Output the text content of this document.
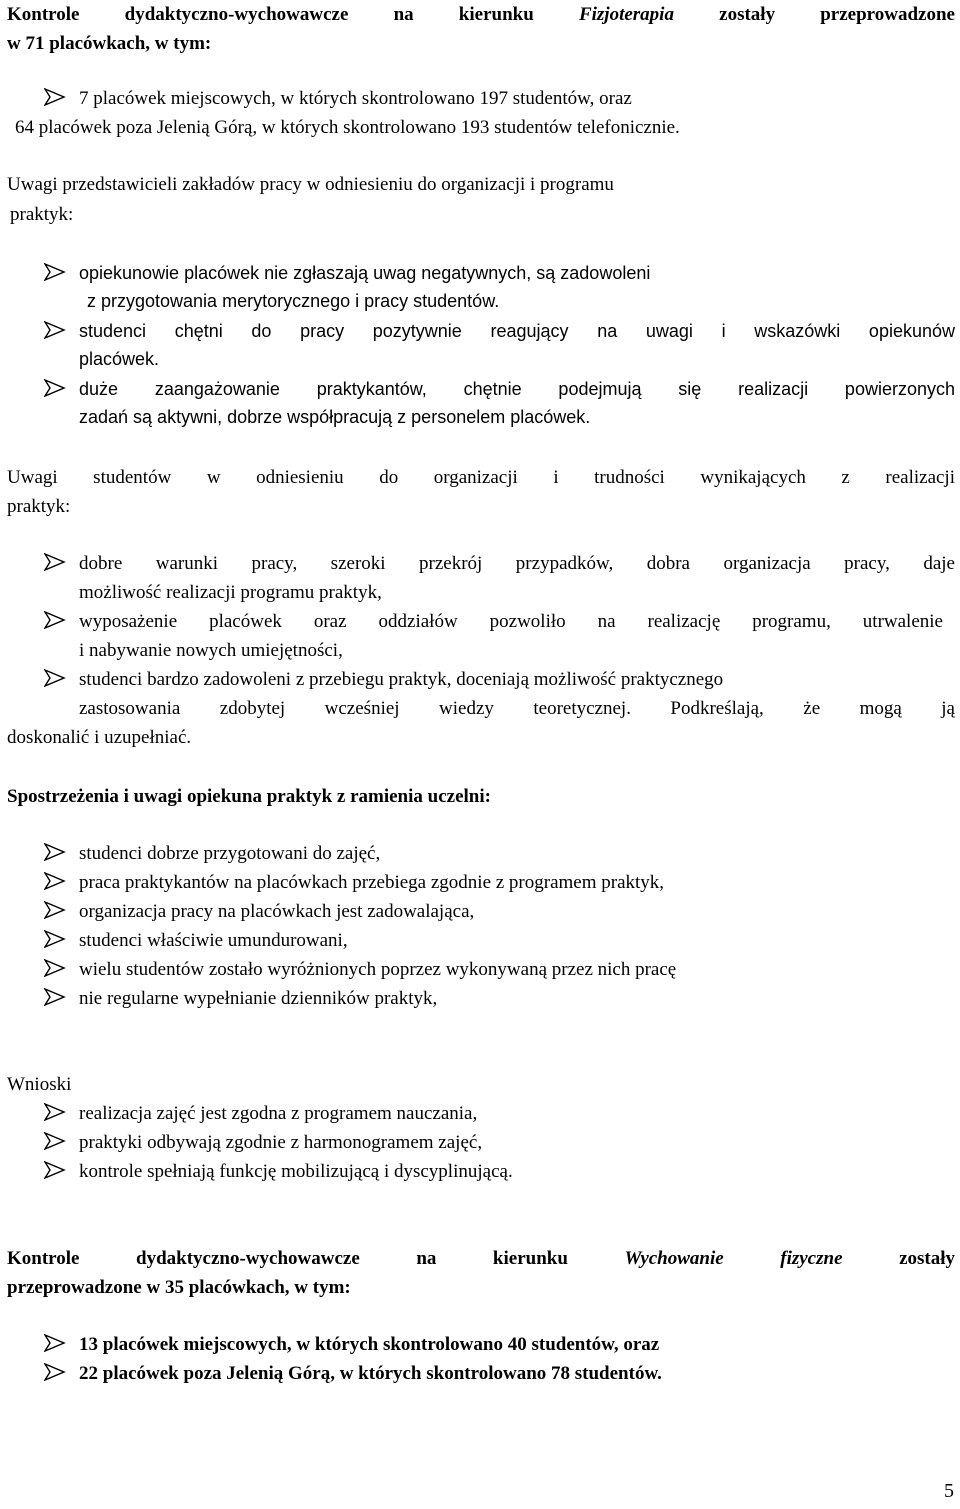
Kontrole dydaktyczno-wychowawcze na kierunku Fizjoterapia zostały przeprowadzone
w 71 placówkach, w tym:
7 placówek miejscowych, w których skontrolowano 197 studentów, oraz
64 placówek poza Jelenią Górą, w których skontrolowano 193 studentów telefonicznie.
Uwagi przedstawicieli zakładów pracy w odniesieniu do organizacji i programu
praktyk:
opiekunowie placówek nie zgłaszają uwag negatywnych, są zadowoleni
z przygotowania merytorycznego i pracy studentów.
studenci chętni do pracy pozytywnie reagujący na uwagi i wskazówki opiekunów
placówek.
duże zaangażowanie praktykantów, chętnie podejmują się realizacji powierzonych
zadań są aktywni, dobrze współpracują z personelem placówek.
Uwagi studentów w odniesieniu do organizacji i trudności wynikających z realizacji
praktyk:
dobre warunki pracy, szeroki przekrój przypadków, dobra organizacja pracy, daje
możliwość realizacji programu praktyk,
wyposażenie placówek oraz oddziałów pozwoliło na realizację programu, utrwalenie
i nabywanie nowych umiejętności,
studenci bardzo zadowoleni z przebiegu praktyk, doceniają możliwość praktycznego
zastosowania zdobytej wcześniej wiedzy teoretycznej. Podkreślają, że mogą ją
doskonalić i uzupełniać.
Spostrzeżenia i uwagi opiekuna praktyk z ramienia uczelni:
studenci dobrze przygotowani do zajęć,
praca praktykantów na placówkach przebiega zgodnie z programem praktyk,
organizacja pracy na placówkach jest zadowalająca,
studenci właściwie umundurowani,
wielu studentów zostało wyróżnionych poprzez wykonywaną przez nich pracę
nie regularne wypełnianie dzienników praktyk,
Wnioski
realizacja zajęć jest zgodna z programem nauczania,
praktyki odbywają zgodnie z harmonogramem zajęć,
kontrole spełniają funkcję mobilizującą i dyscyplinującą.
Kontrole dydaktyczno-wychowawcze na kierunku Wychowanie fizyczne zostały
przeprowadzone w 35 placówkach, w tym:
13 placówek miejscowych, w których skontrolowano 40 studentów, oraz
22 placówek poza Jelenią Górą, w których skontrolowano 78 studentów.
5
